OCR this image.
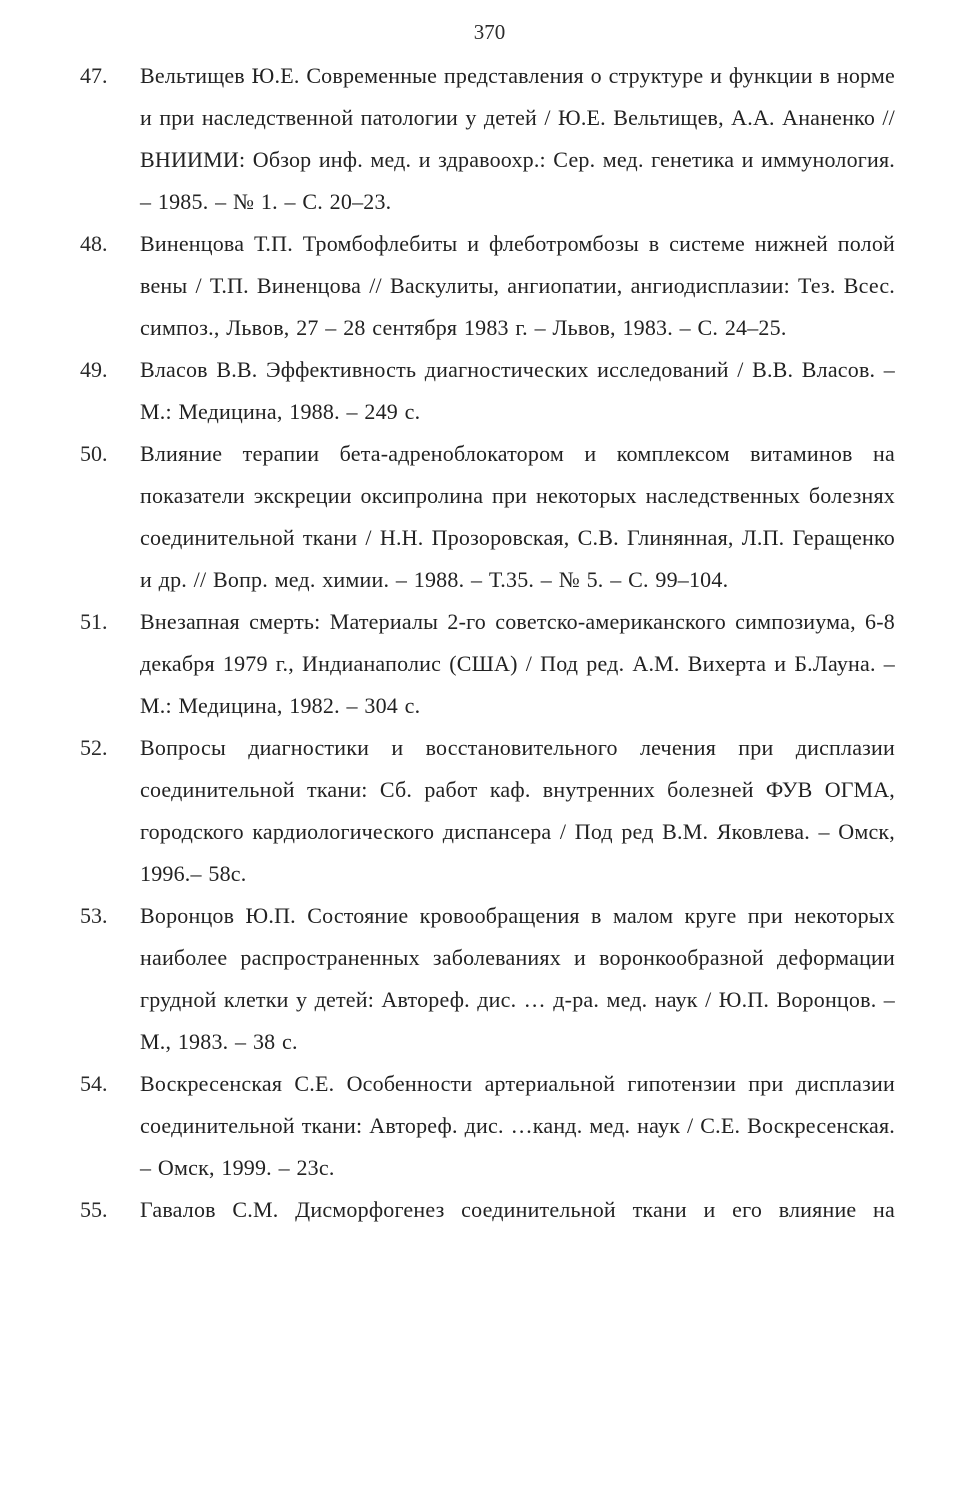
370
47.	Вельтищев Ю.Е. Современные представления о структуре и функции в норме и при наследственной патологии у детей / Ю.Е. Вельтищев, А.А. Ананенко // ВНИИМИ: Обзор инф. мед. и здравоохр.: Сер. мед. генетика и иммунология. – 1985. – № 1. – С. 20–23.
48.	Виненцова Т.П. Тромбофлебиты и флеботромбозы в системе нижней полой вены / Т.П. Виненцова // Васкулиты, ангиопатии, ангиодисплазии: Тез. Всес. симпоз., Львов, 27 – 28 сентября 1983 г. – Львов, 1983. – С. 24–25.
49.	Власов В.В. Эффективность диагностических исследований / В.В. Власов. – М.: Медицина, 1988. – 249 с.
50.	Влияние терапии бета-адреноблокатором и комплексом витаминов на показатели экскреции оксипролина при некоторых наследственных болезнях соединительной ткани / Н.Н. Прозоровская, С.В. Глинянная, Л.П. Геращенко и др. // Вопр. мед. химии. – 1988. – Т.35. – № 5. – С. 99–104.
51.	Внезапная смерть: Материалы 2-го советско-американского симпозиума, 6-8 декабря 1979 г., Индианаполис (США) / Под ред. А.М. Вихерта и Б.Лауна. – М.: Медицина, 1982. – 304 с.
52.	Вопросы диагностики и восстановительного лечения при дисплазии соединительной ткани: Сб. работ каф. внутренних болезней ФУВ ОГМА, городского кардиологического диспансера / Под ред В.М. Яковлева. – Омск, 1996.– 58с.
53.	Воронцов Ю.П. Состояние кровообращения в малом круге при некоторых наиболее распространенных заболеваниях и воронкообразной деформации грудной клетки у детей: Автореф. дис. … д-ра. мед. наук / Ю.П. Воронцов. – М., 1983. – 38 с.
54.	Воскресенская С.Е. Особенности артериальной гипотензии при дисплазии соединительной ткани: Автореф. дис. …канд. мед. наук / С.Е. Воскресенская. – Омск, 1999. – 23с.
55.	Гавалов С.М. Дисморфогенез соединительной ткани и его влияние на
